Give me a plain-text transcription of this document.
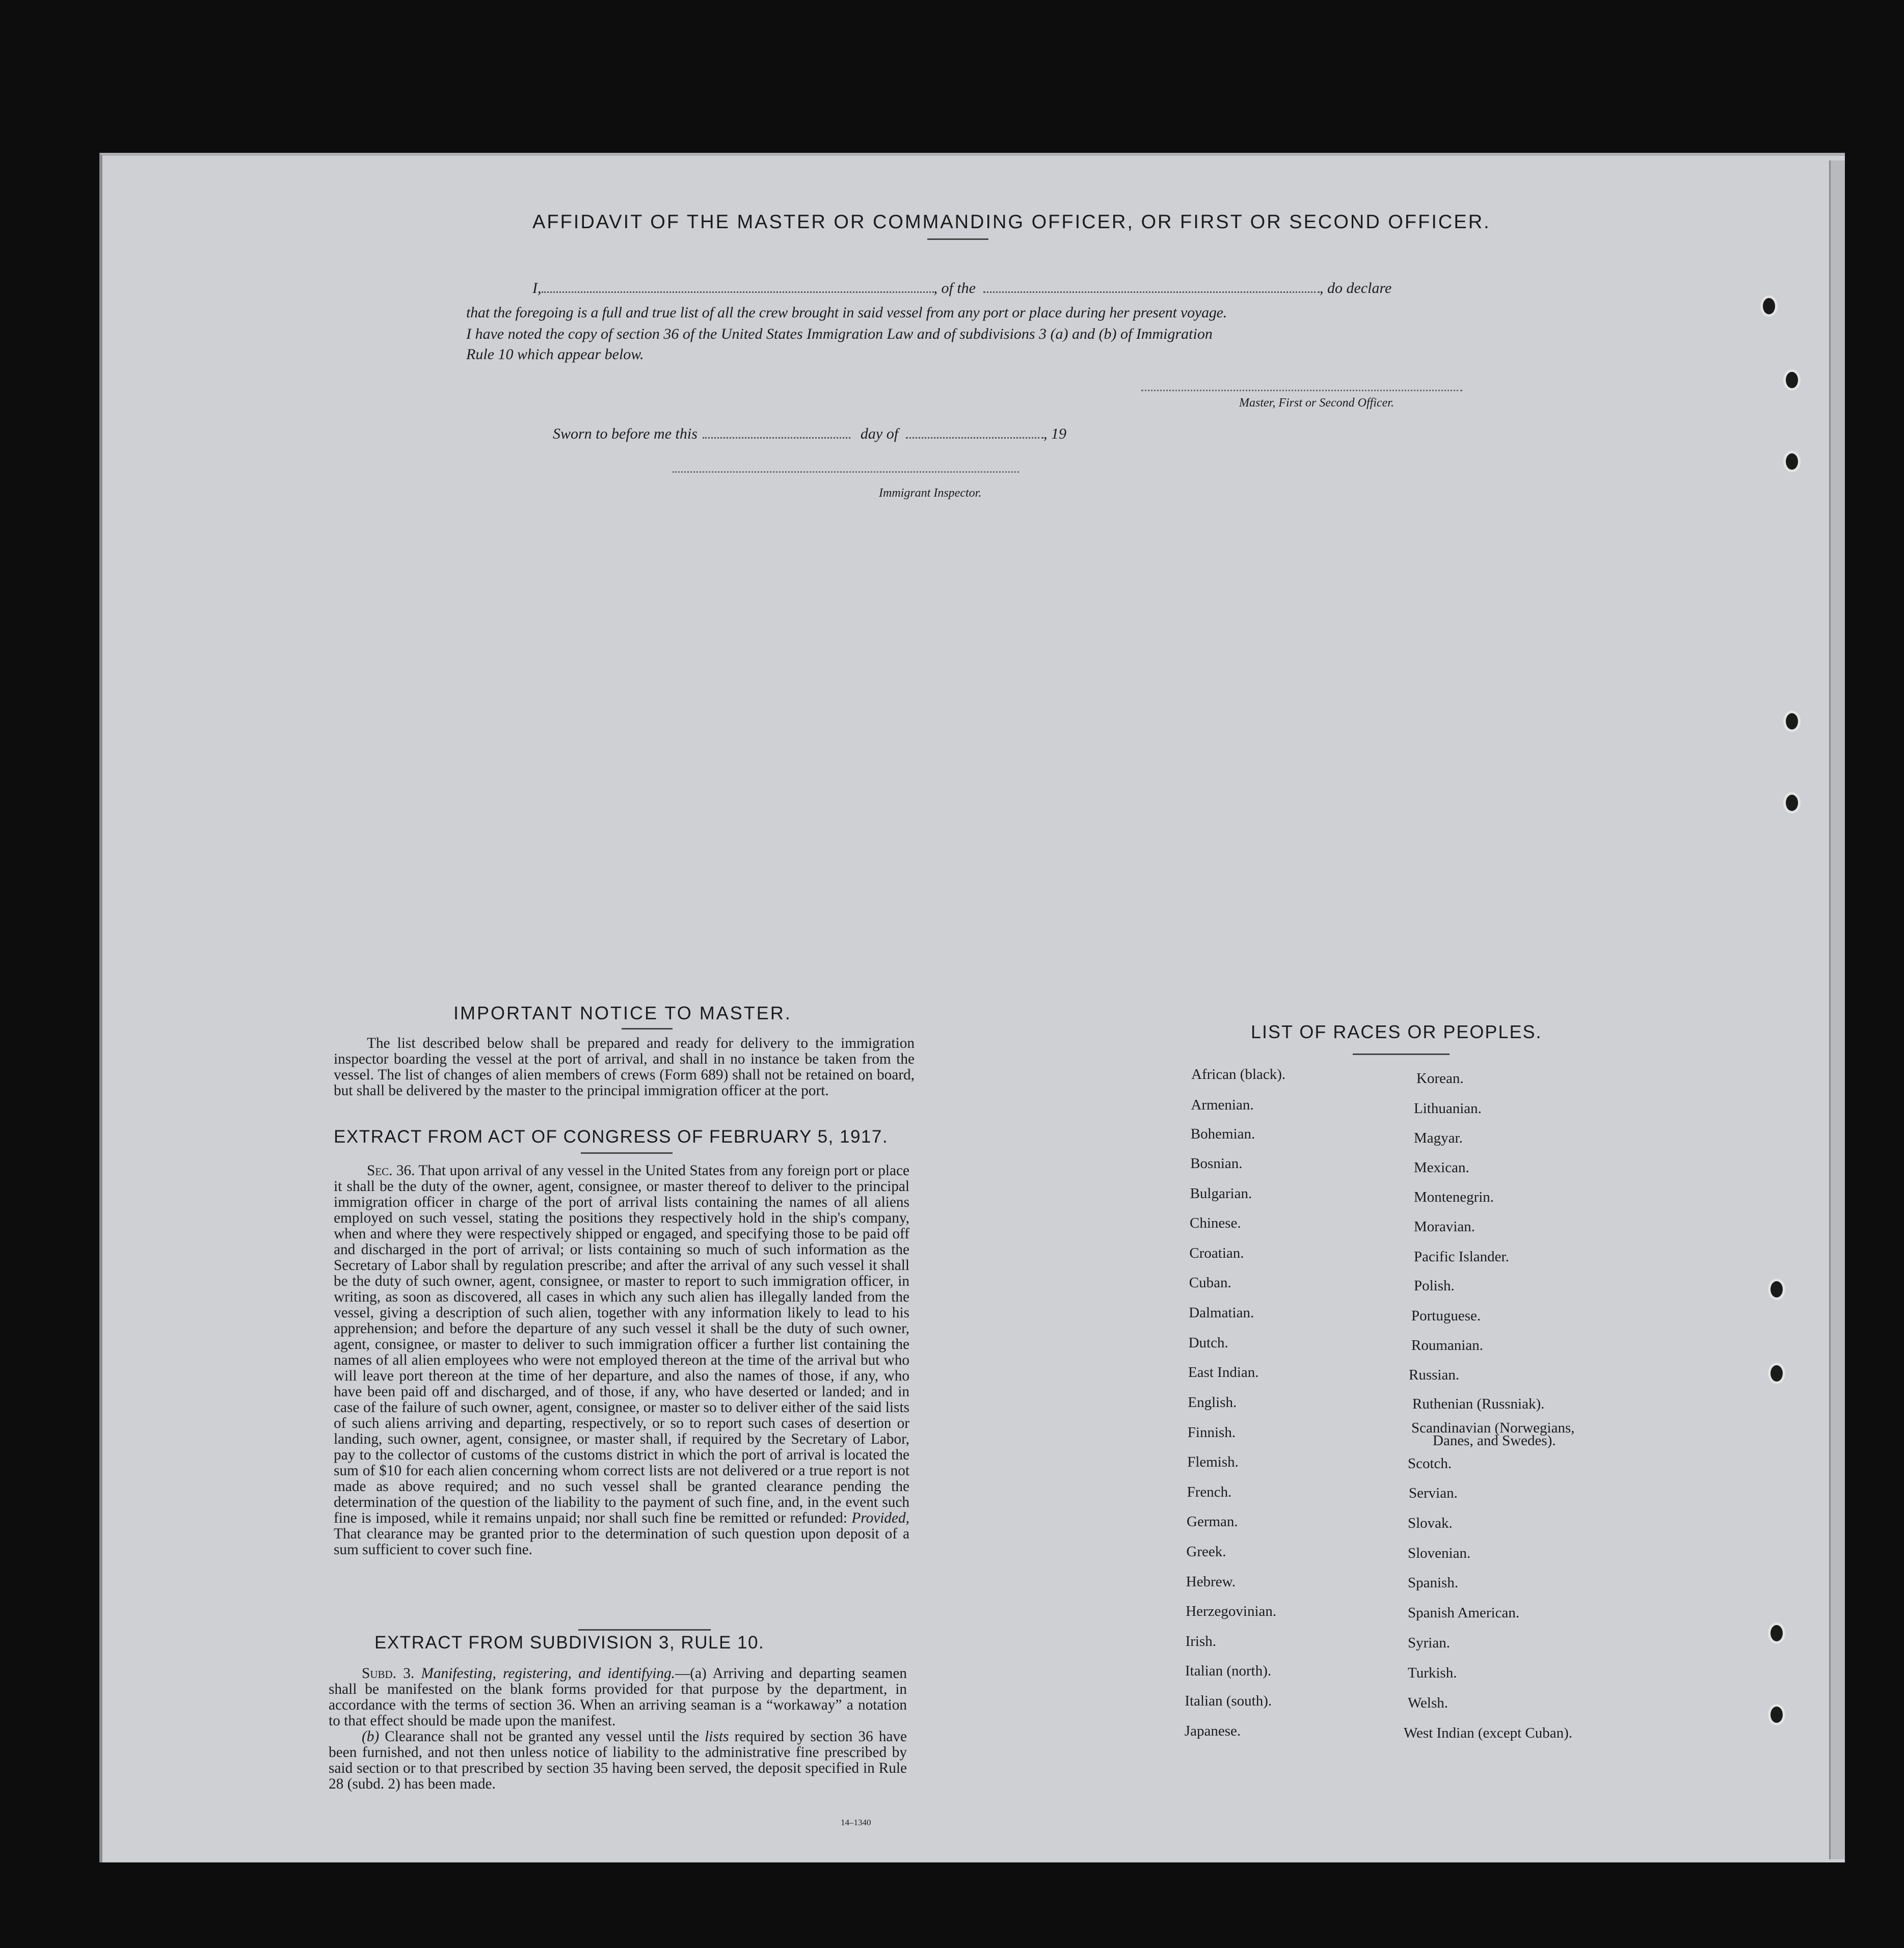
AFFIDAVIT OF THE MASTER OR COMMANDING OFFICER, OR FIRST OR SECOND OFFICER.
I,	, of the	, do declare
that the foregoing is a full and true list of all the crew brought in said vessel from any port or place during her present voyage.
I have noted the copy of section 36 of the United States Immigration Law and of subdivisions 3 (a) and (b) of Immigration
Rule 10 which appear below.
Master, First or Second Officer.
Sworn to before me this	day of	, 19
Immigrant Inspector.
IMPORTANT NOTICE TO MASTER.
The list described below shall be prepared and ready for delivery to the immigration inspector boarding the vessel at the port of arrival, and shall in no instance be taken from the vessel. The list of changes of alien members of crews (Form 689) shall not be retained on board, but shall be delivered by the master to the principal immigration officer at the port.
EXTRACT FROM ACT OF CONGRESS OF FEBRUARY 5, 1917.
Sec. 36. That upon arrival of any vessel in the United States from any foreign port or place it shall be the duty of the owner, agent, consignee, or master thereof to deliver to the principal immigration officer in charge of the port of arrival lists containing the names of all aliens employed on such vessel, stating the positions they respectively hold in the ship's company, when and where they were respectively shipped or engaged, and specifying those to be paid off and discharged in the port of arrival; or lists containing so much of such information as the Secretary of Labor shall by regulation prescribe; and after the arrival of any such vessel it shall be the duty of such owner, agent, consignee, or master to report to such immigration officer, in writing, as soon as discovered, all cases in which any such alien has illegally landed from the vessel, giving a description of such alien, together with any information likely to lead to his apprehension; and before the departure of any such vessel it shall be the duty of such owner, agent, consignee, or master to deliver to such immigration officer a further list containing the names of all alien employees who were not employed thereon at the time of the arrival but who will leave port thereon at the time of her departure, and also the names of those, if any, who have been paid off and discharged, and of those, if any, who have deserted or landed; and in case of the failure of such owner, agent, consignee, or master so to deliver either of the said lists of such aliens arriving and departing, respectively, or so to report such cases of desertion or landing, such owner, agent, consignee, or master shall, if required by the Secretary of Labor, pay to the collector of customs of the customs district in which the port of arrival is located the sum of $10 for each alien concerning whom correct lists are not delivered or a true report is not made as above required; and no such vessel shall be granted clearance pending the determination of the question of the liability to the payment of such fine, and, in the event such fine is imposed, while it remains unpaid; nor shall such fine be remitted or refunded: Provided, That clearance may be granted prior to the determination of such question upon deposit of a sum sufficient to cover such fine.
EXTRACT FROM SUBDIVISION 3, RULE 10.
Subd. 3. Manifesting, registering, and identifying.—(a) Arriving and departing seamen shall be manifested on the blank forms provided for that purpose by the department, in accordance with the terms of section 36. When an arriving seaman is a “workaway” a notation to that effect should be made upon the manifest.
(b) Clearance shall not be granted any vessel until the lists required by section 36 have been furnished, and not then unless notice of liability to the administrative fine prescribed by said section or to that prescribed by section 35 having been served, the deposit specified in Rule 28 (subd. 2) has been made.
14–1340
LIST OF RACES OR PEOPLES.
African (black).
Armenian.
Bohemian.
Bosnian.
Bulgarian.
Chinese.
Croatian.
Cuban.
Dalmatian.
Dutch.
East Indian.
English.
Finnish.
Flemish.
French.
German.
Greek.
Hebrew.
Herzegovinian.
Irish.
Italian (north).
Italian (south).
Japanese.
Korean.
Lithuanian.
Magyar.
Mexican.
Montenegrin.
Moravian.
Pacific Islander.
Polish.
Portuguese.
Roumanian.
Russian.
Ruthenian (Russniak).
Scandinavian (Norwegians,
Scotch.
Servian.
Slovak.
Slovenian.
Spanish.
Spanish American.
Syrian.
Turkish.
Welsh.
West Indian (except Cuban).
Danes, and Swedes).
